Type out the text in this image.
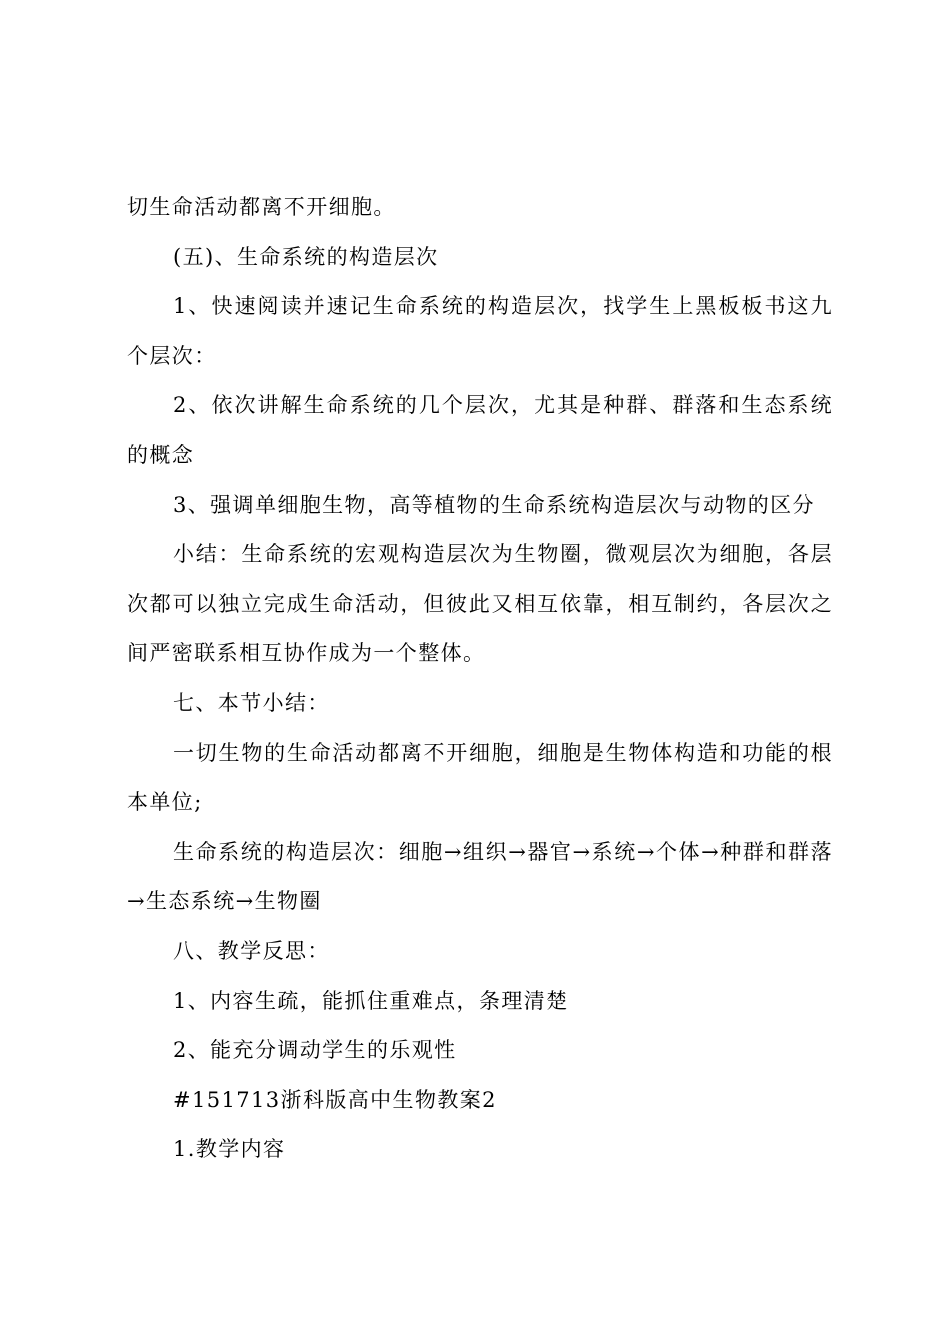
切生命活动都离不开细胞。

(五)、生命系统的构造层次

1、快速阅读并速记生命系统的构造层次，找学生上黑板板书这九个层次：

2、依次讲解生命系统的几个层次，尤其是种群、群落和生态系统的概念

3、强调单细胞生物，高等植物的生命系统构造层次与动物的区分

小结：生命系统的宏观构造层次为生物圈，微观层次为细胞，各层次都可以独立完成生命活动，但彼此又相互依靠，相互制约，各层次之间严密联系相互协作成为一个整体。

七、本节小结：

一切生物的生命活动都离不开细胞，细胞是生物体构造和功能的根本单位;

生命系统的构造层次：细胞→组织→器官→系统→个体→种群和群落→生态系统→生物圈

八、教学反思：

1、内容生疏，能抓住重难点，条理清楚

2、能充分调动学生的乐观性

#151713浙科版高中生物教案2

1.教学内容
